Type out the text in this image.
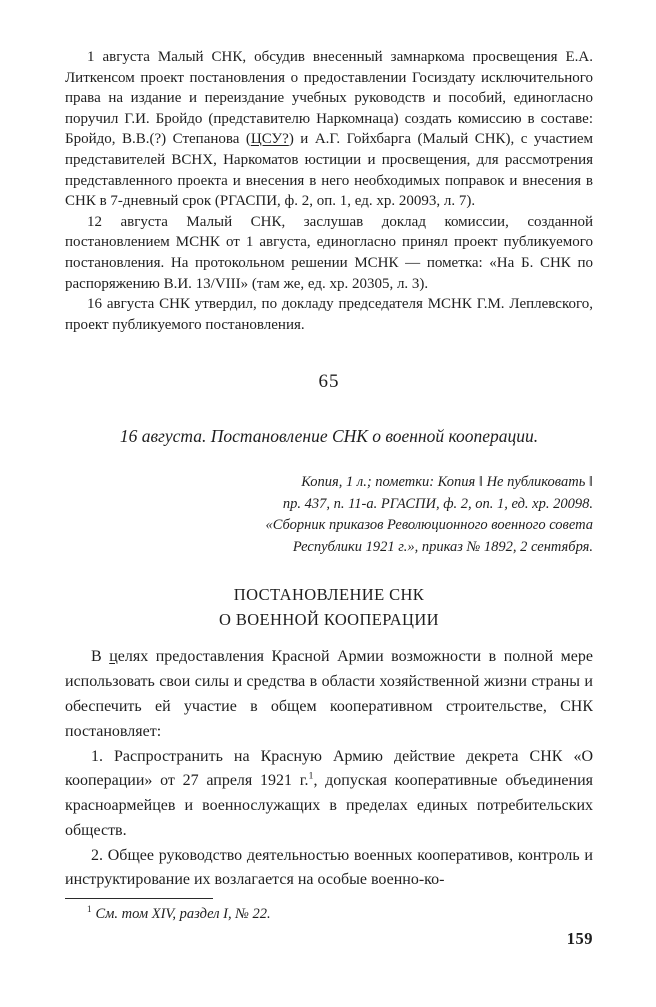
1 августа Малый СНК, обсудив внесенный замнаркома просвещения Е.А. Литкенсом проект постановления о предоставлении Госиздату исключительного права на издание и переиздание учебных руководств и пособий, единогласно поручил Г.И. Бройдо (представителю Наркомнаца) создать комиссию в составе: Бройдо, В.В.(?) Степанова (ЦСУ?) и А.Г. Гойхбарга (Малый СНК), с участием представителей ВСНХ, Наркоматов юстиции и просвещения, для рассмотрения представленного проекта и внесения в него необходимых поправок и внесения в СНК в 7-дневный срок (РГАСПИ, ф. 2, оп. 1, ед. хр. 20093, л. 7).

12 августа Малый СНК, заслушав доклад комиссии, созданной постановлением МСНК от 1 августа, единогласно принял проект публикуемого постановления. На протокольном решении МСНК — пометка: «На Б. СНК по распоряжению В.И. 13/VIII» (там же, ед. хр. 20305, л. 3).

16 августа СНК утвердил, по докладу председателя МСНК Г.М. Леплевского, проект публикуемого постановления.

65
16 августа. Постановление СНК о военной кооперации.
Копия, 1 л.; пометки: Копия ‖ Не публиковать ‖
пр. 437, п. 11-а. РГАСПИ, ф. 2, оп. 1, ед. хр. 20098.
«Сборник приказов Революционного военного совета
Республики 1921 г.», приказ № 1892, 2 сентября.
ПОСТАНОВЛЕНИЕ СНК
О ВОЕННОЙ КООПЕРАЦИИ

В целях предоставления Красной Армии возможности в полной мере использовать свои силы и средства в области хозяйственной жизни страны и обеспечить ей участие в общем кооперативном строительстве, СНК постановляет:

1. Распространить на Красную Армию действие декрета СНК «О кооперации» от 27 апреля 1921 г.$^1$, допуская кооперативные объединения красноармейцев и военнослужащих в пределах единых потребительских обществ.

2. Общее руководство деятельностью военных кооперативов, контроль и инструктирование их возлагается на особые военно-ко-

$^1$ См. том XIV, раздел I, № 22.

159
